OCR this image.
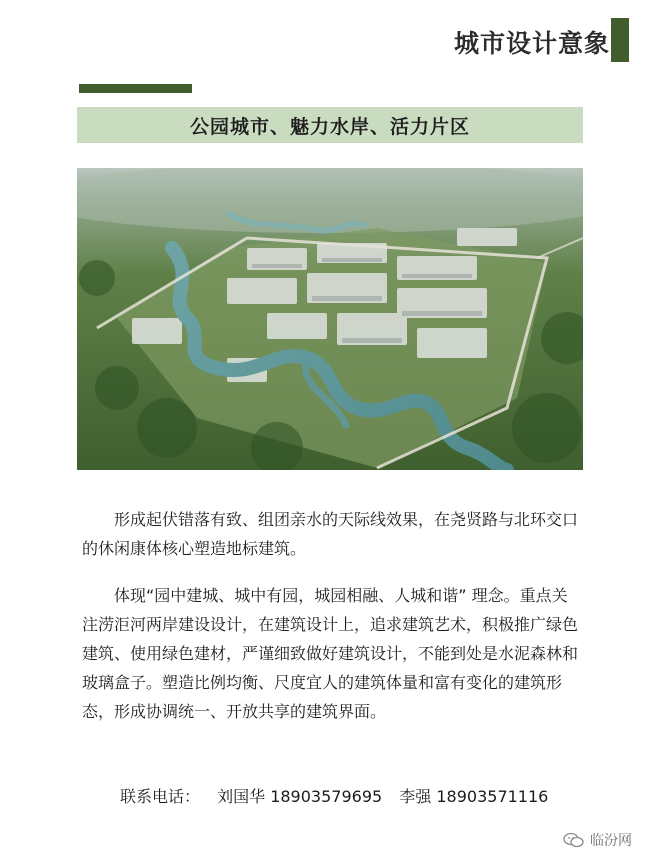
城市设计意象
公园城市、魅力水岸、活力片区

形成起伏错落有致、组团亲水的天际线效果，在尧贤路与北环交口的休闲康体核心塑造地标建筑。

体现“园中建城、城中有园，城园相融、人城和谐” 理念。重点关注涝洰河两岸建设设计，在建筑设计上，追求建筑艺术，积极推广绿色建筑、使用绿色建材，严谨细致做好建筑设计，不能到处是水泥森林和玻璃盒子。塑造比例均衡、尺度宜人的建筑体量和富有变化的建筑形态，形成协调统一、开放共享的建筑界面。

联系电话： 刘国华 18903579695 李强 18903571116
临汾网
